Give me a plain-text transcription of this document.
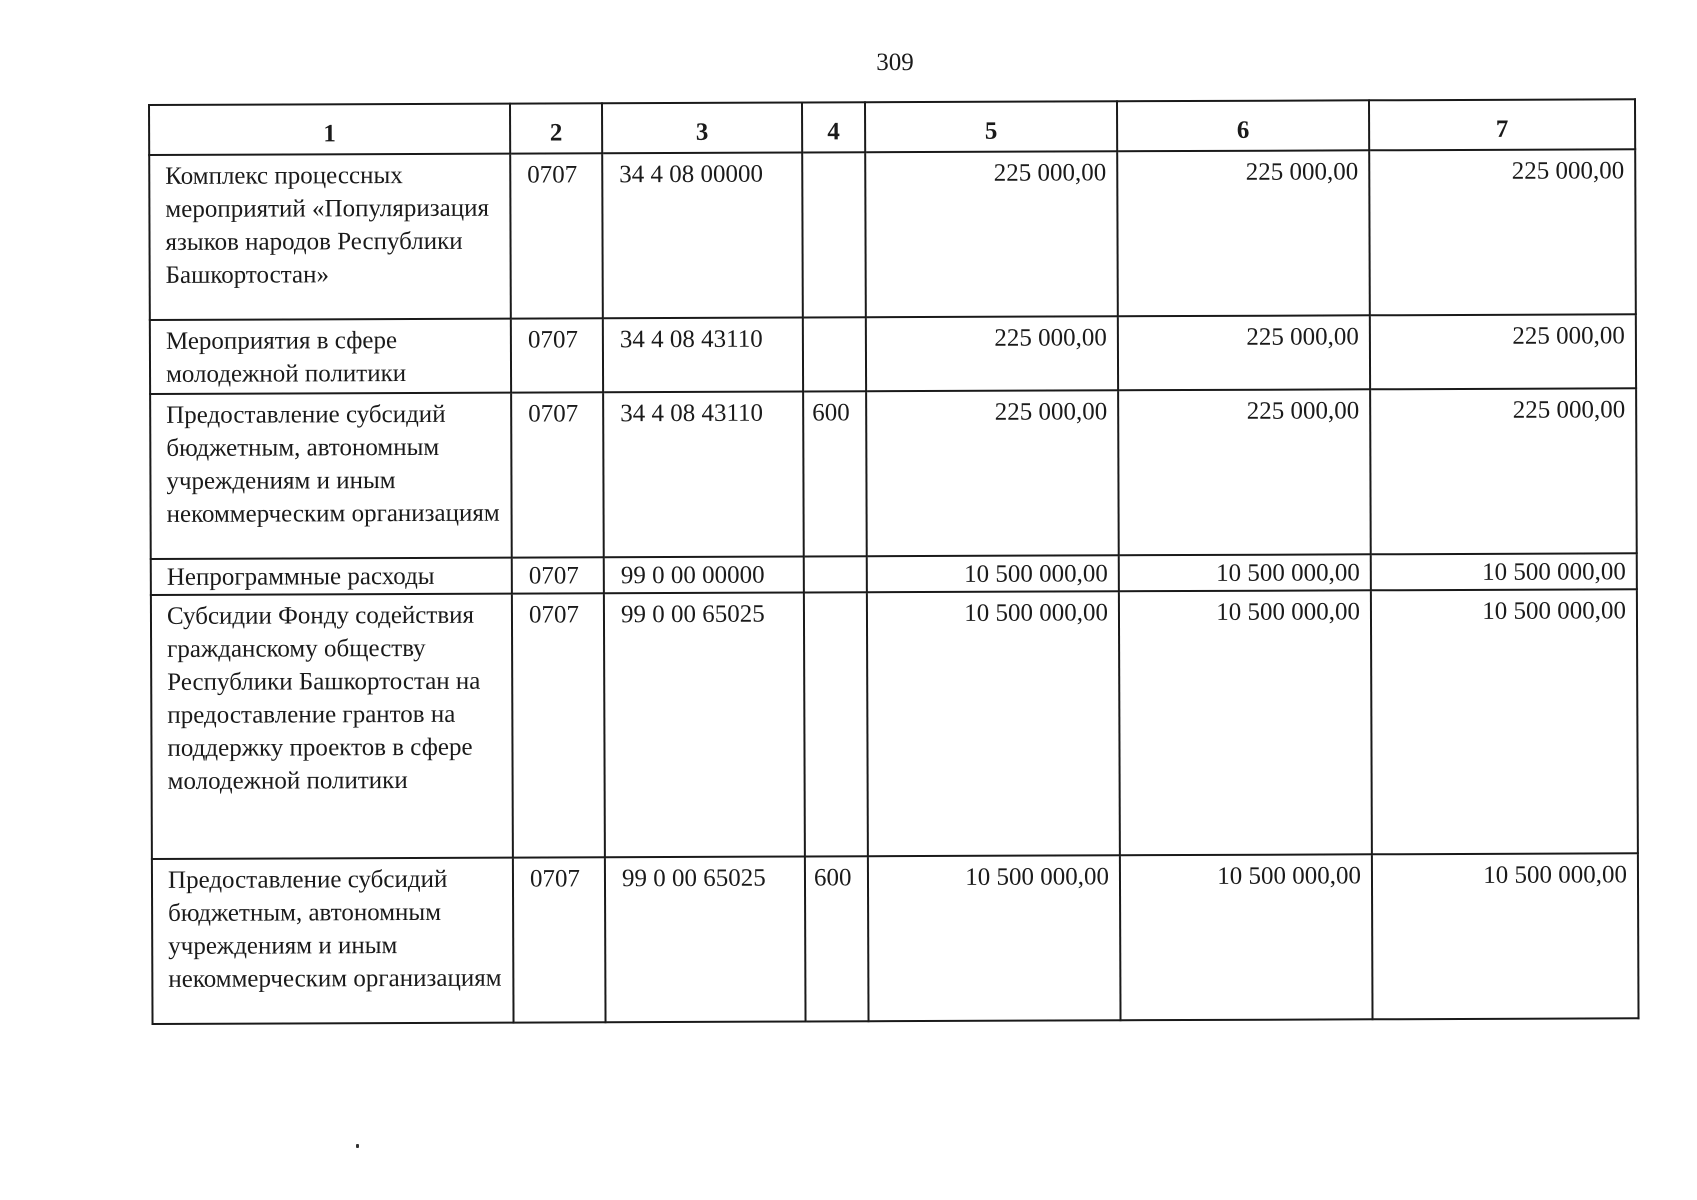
309
1	2	3	4	5	6	7
Комплекс процессных мероприятий «Популяризация языков народов Республики Башкортостан»	0707	34 4 08 00000		225 000,00	225 000,00	225 000,00
Мероприятия в сфере молодежной политики	0707	34 4 08 43110		225 000,00	225 000,00	225 000,00
Предоставление субсидий бюджетным, автономным учреждениям и иным некоммерческим организациям	0707	34 4 08 43110	600	225 000,00	225 000,00	225 000,00
Непрограммные расходы	0707	99 0 00 00000		10 500 000,00	10 500 000,00	10 500 000,00
Субсидии Фонду содействия гражданскому обществу Республики Башкортостан на предоставление грантов на поддержку проектов в сфере молодежной политики	0707	99 0 00 65025		10 500 000,00	10 500 000,00	10 500 000,00
Предоставление субсидий бюджетным, автономным учреждениям и иным некоммерческим организациям	0707	99 0 00 65025	600	10 500 000,00	10 500 000,00	10 500 000,00
